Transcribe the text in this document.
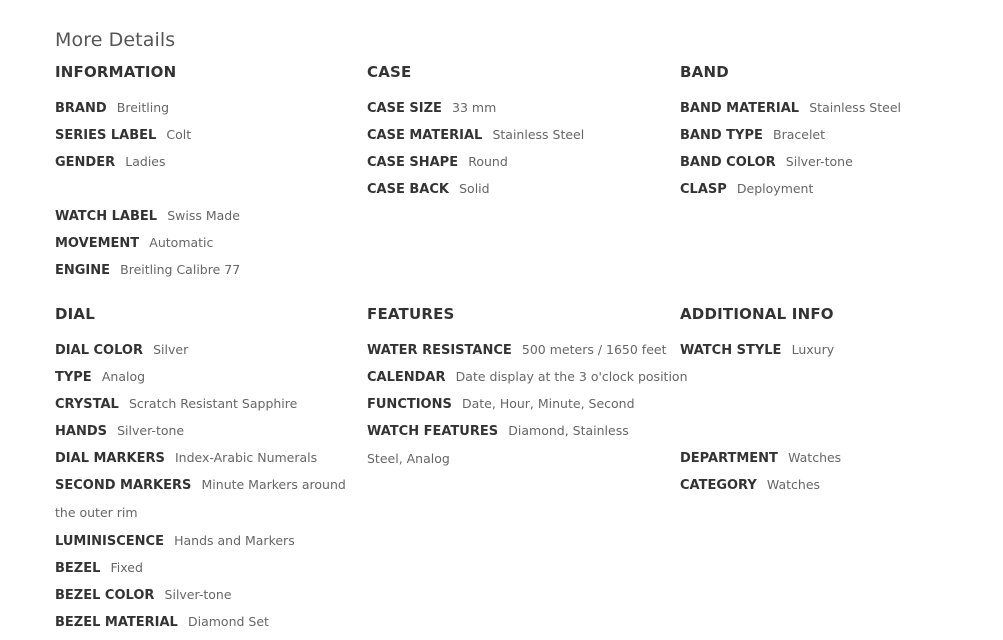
More Details
INFORMATION
BRAND Breitling
SERIES LABEL Colt
GENDER Ladies
WATCH LABEL Swiss Made
MOVEMENT Automatic
ENGINE Breitling Calibre 77
CASE
CASE SIZE 33 mm
CASE MATERIAL Stainless Steel
CASE SHAPE Round
CASE BACK Solid
BAND
BAND MATERIAL Stainless Steel
BAND TYPE Bracelet
BAND COLOR Silver-tone
CLASP Deployment
DIAL
DIAL COLOR Silver
TYPE Analog
CRYSTAL Scratch Resistant Sapphire
HANDS Silver-tone
DIAL MARKERS Index-Arabic Numerals
SECOND MARKERS Minute Markers around the outer rim
LUMINISCENCE Hands and Markers
BEZEL Fixed
BEZEL COLOR Silver-tone
BEZEL MATERIAL Diamond Set
FEATURES
WATER RESISTANCE 500 meters / 1650 feet
CALENDAR Date display at the 3 o'clock position
FUNCTIONS Date, Hour, Minute, Second
WATCH FEATURES Diamond, Stainless Steel, Analog
ADDITIONAL INFO
WATCH STYLE Luxury
DEPARTMENT Watches
CATEGORY Watches
